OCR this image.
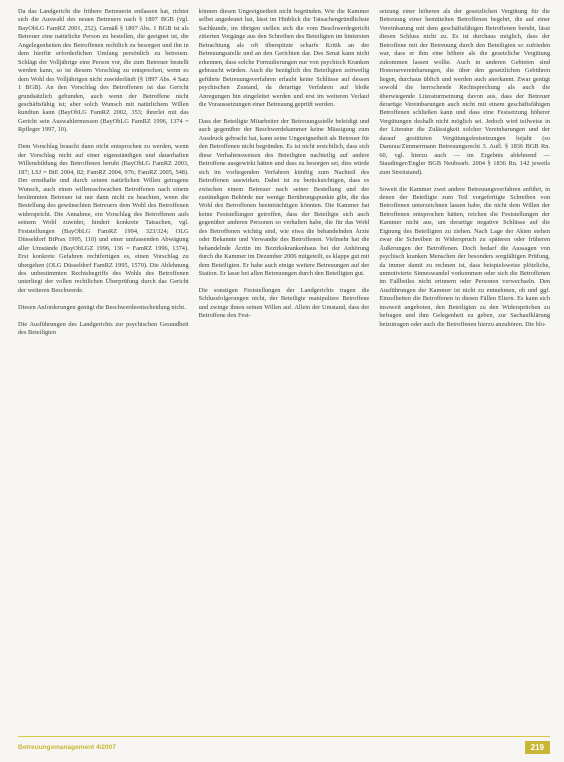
Da das Landgericht die frühere Betreuerin entlassen hat, richtet sich die Auswahl des neuen Betreuers nach § 1897 BGB (vgl. BayObLG FamRZ 2001, 252). Gemäß § 1897 Abs. 1 BGB ist als Betreuer eine natürliche Person zu bestellen, die geeignet ist, die Angelegenheiten des Betroffenen rechtlich zu besorgen und ihn in dem hierfür erforderlichen Umfang persönlich zu betreuen. Schlägt der Volljährige eine Person vor, die zum Betreuer bestellt werden kann, so ist diesem Vorschlag zu entsprechen, wenn es dem Wohl des Volljährigen nicht zuwiderläuft (§ 1897 Abs. 4 Satz 1 BGB). An den Vorschlag des Betroffenen ist das Gericht grundsätzlich gebunden, auch wenn der Betroffene nicht geschäftsfähig ist; aber solch Wunsch mit natürlichem Willen kundtun kann (BayObLG FamRZ 2002, 353; ihrerlei mit das Gericht sein Auswahlermessen (BayObLG FamRZ 1996, 1374 = Rpfleger 1997, 10).

Dem Vorschlag braucht dann nicht entsprochen zu werden, wenn der Vorschlag nicht auf einer eigenständigen und dauerhaften Willensbildung des Betroffenen beruht (BayObLG FamRZ 2003, 187; LSJ = BtE 2004, 82; FamRZ 2004, 976; FamRZ 2005, 548). Der ernsthafte und durch seinen natürlichen Willen getragene Wunsch, auch einen willensschwachen Betroffenen nach einem bestimmten Betreuer ist nur dann nicht zu beachten, wenn die Bestellung des gewünschten Betreuers dem Wohl des Betroffenen widerspricht. Die Annahme, ein Vorschlag des Betroffenen aufs seinem Wohl zuwider, hindert konkrete Tatsachen, vgl. Feststellungen (BayObLG FamRZ 1994, 323/324; OLG Düsseldorf BtPrax 1995, 110) und einer umfassenden Abwägung aller Umstände (BayObLGZ 1996, 136 = FamRZ 1996, 1374). Erst konkrete Gefahren rechtfertigen es, einen Vorschlag zu übergehen (OLG Düsseldorf FamRZ 1995, 1570). Die Ablehnung des unbestimmten Rechtsbegriffs des Wohls des Betroffenen unterliegt der vollen rechtlichen Überprüfung durch das Gericht der weiteren Beschwerde.

Diesen Anforderungen genügt die Beschwerdeentscheidung nicht.

Die Ausführungen des Landgerichts zur psychischen Gesundheit des Beteiligten

können diesen Ungeeignetheit nicht begründen. Wie die Kammer selbst angedeutet hat, lässt im Hinblick die Tatsachengründlichste Sachkunde, im übrigen stellen sich die vom Beschwerdegericht zitierten Vorgänge aus den Schreiben des Beteiligten im hintersten Betrachtung als oft überspitzte scharfe Kritik an der Betreuungsstelle und an den Gerichten dar. Des Senat kann nicht erkennen, dass solche Formulierungen nur von psychisch Kranken gebraucht würden. Auch die bezüglich des Beteiligten zeitweilig geführte Betreuungsverfahren erlaubt keine Schlüsse auf dessen psychischen Zustand, da derartige Verfahren auf bloße Anregungen hin eingeleitet werden und erst im weiteren Verlauf die Voraussetzungen einer Betreuung geprüft werden.

Dass der Beteiligte Mitarbeiter der Betreuungsstelle beleidigt und auch gegenüber der Beschwerdekammer keine Mässigung zum Ausdruck gebracht hat, kann seine Ungeeignetheit als Betreuer für den Betroffenen nicht begründen. Es ist nicht ersichtlich, dass sich diese Verhaltensweisen des Beteiligten nachteilig auf andere Betroffene ausgewirkt hätten und dass zu besorgen sei, dies würde sich im vorliegenden Verfahren künftig zum Nachteil des Betroffenen auswirken. Dabei ist zu berücksichtigen, dass es zwischen einem Betreuer nach seiner Bestellung und der zuständigen Behörde nur wenige Berührungspunkte gibt, die das Wohl des Betroffenen beeinträchtigen könnten. Die Kammer hat keine Feststellungen getroffen, dass der Beteiligte sich auch gegenüber anderen Personen so verhalten habe, die für das Wohl des Betroffenen wichtig sind, wie etwa die behandelnden Ärzte oder Bekannte und Verwandte des Betroffenen. Vielmehr hat die behandelnde Ärztin im Bezirkskrankenhaus bei der Anhörung durch die Kammer im Dezember 2006 mitgeteilt, es klappe gut mit dem Beteiligten. Er habe auch einige weitere Betreuungen auf der Station. Er lasse bei allen Betreuungen durch den Beteiligten gut.

Die sonstigen Feststellungen der Landgerichts tragen die Schlussfolgerungen nicht, der Beteiligte manipuliere Betroffene und zwinge ihnen seinen Willen auf. Allein der Umstand, dass der Betroffene den Fest-

setzung einer höheren als der gesetzlichen Vergütung für die Betreuung einer bemittelten Betroffenen begehrt, die auf einer Vereinbarung mit dem geschäftsfähigen Betroffenen beruht, lässt diesen Schluss nicht zu. Es ist durchaus möglich, dass der Betroffene mit der Betreuung durch den Beteiligten so zufrieden war, dass er ihm eine höhere als die gesetzliche Vergütung zukommen lassen wollte. Auch in anderen Gebieten sind Honorarvereinbarungen, die über den gesetzlichen Gebühren liegen, durchaus üblich und werden auch anerkannt. Zwar genügt sowohl die herrschende Rechtsprechung als auch die überwiegende Literaturmeinung davon aus, dass der Betreuer derartige Vereinbarungen auch nicht mit einem geschäftsfähigen Betroffenen schließen kann und dass eine Festsetzung höherer Vergütungen deshalb nicht möglich sei. Jedoch wird teilweise in der Literatur die Zulässigkeit solcher Vereinbarungen und der darauf gestützten Vergütungsfestsetzungen bejaht (so Damrau/Zimmermann Betreuungsrecht 3. Aufl. § 1836 BGB Rn. 60, vgl. hierzu auch — im Ergebnis ablehnend — Staudinger/Engler BGB Neubearb. 2004 § 1836 Rn. 142 jeweils zum Streitstand).

Soweit die Kammer zwei andere Betreuungsverfahren anführt, in denen der Beteiligte zum Teil vorgefertigte Schreiben von Betroffenen unterzeichnen lassen habe, die nicht dem Willen der Betroffenen entsprochen hätten, reichen die Feststellungen der Kammer nicht aus, um derartige negative Schlüsse auf die Eignung des Beteiligten zu ziehen. Nach Lage der Akten stehen zwar die Schreiben in Widerspruch zu späteren oder früheren Äußerungen der Betroffenen. Doch bedarf die Aussagen von psychisch kranken Menschen der besonders sorgfältigen Prüfung, da immer damit zu rechnen ist, dass beispielsweise plötzliche, unmotivierte Sinneswandel vorkommen oder sich die Betroffenen im Fallbeiles nicht erinnern oder Personen verwechseln. Den Ausführungen der Kammer ist nicht zu entnehmen, ob und ggf. Einzelheiten die Betroffenen in diesen Fällen Eltern. Es kann sich insoweit angeboten, den Beteiligten zu den Widersprüchen zu befragen und ihm Gelegenheit zu geben, zur Sachaufklärung beizutragen oder auch die Betroffenen hierzu anzuhören. Die blo-

Betreuungsmanagement 4/2007	219
